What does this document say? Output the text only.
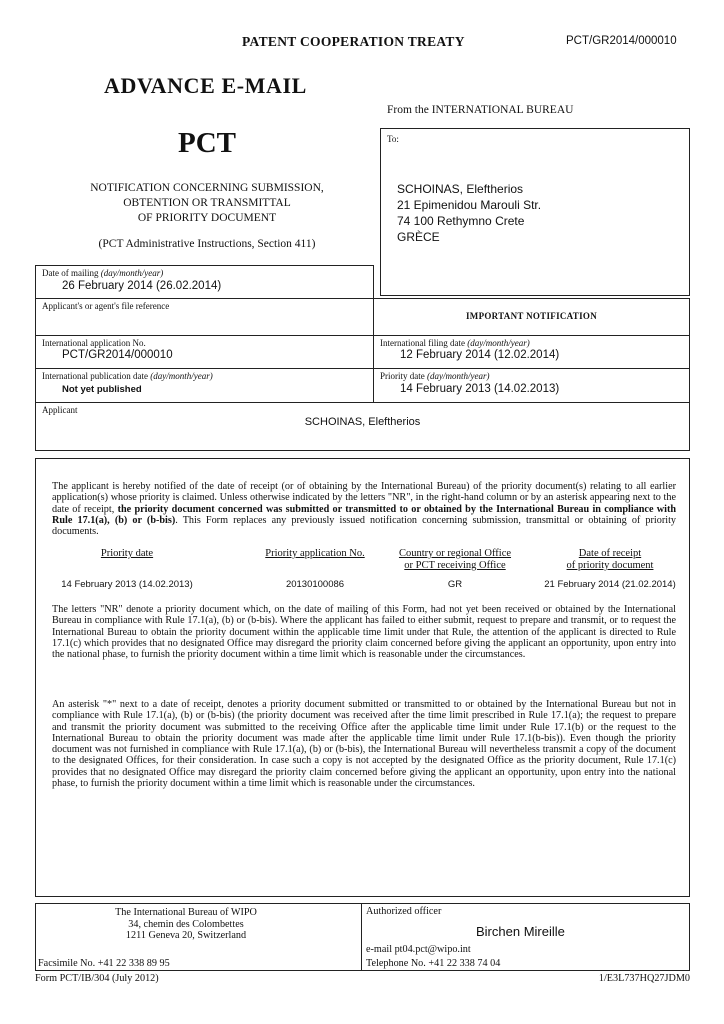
PATENT COOPERATION TREATY	PCT/GR2014/000010
ADVANCE E-MAIL
PCT
NOTIFICATION CONCERNING SUBMISSION,
OBTENTION OR TRANSMITTAL
OF PRIORITY DOCUMENT
(PCT Administrative Instructions, Section 411)
From the INTERNATIONAL BUREAU
To:
SCHOINAS, Eleftherios
21 Epimenidou Marouli Str.
74 100 Rethymno Crete
GRÈCE
Date of mailing (day/month/year)
26 February 2014 (26.02.2014)
Applicant's or agent's file reference
IMPORTANT NOTIFICATION
International application No.
PCT/GR2014/000010
International filing date (day/month/year)
12 February 2014 (12.02.2014)
International publication date (day/month/year)
Not yet published
Priority date (day/month/year)
14 February 2013 (14.02.2013)
Applicant
SCHOINAS, Eleftherios

The applicant is hereby notified of the date of receipt (or of obtaining by the International Bureau) of the priority document(s) relating to all earlier application(s) whose priority is claimed. Unless otherwise indicated by the letters "NR", in the right-hand column or by an asterisk appearing next to the date of receipt, the priority document concerned was submitted or transmitted to or obtained by the International Bureau in compliance with Rule 17.1(a), (b) or (b-bis). This Form replaces any previously issued notification concerning submission, transmittal or obtaining of priority documents.

Priority date	Priority application No.	Country or regional Office
or PCT receiving Office
Date of receipt
of priority document
14 February 2013 (14.02.2013)	20130100086	GR	21 February 2014 (21.02.2014)

The letters "NR" denote a priority document which, on the date of mailing of this Form, had not yet been received or obtained by the International Bureau in compliance with Rule 17.1(a), (b) or (b-bis). Where the applicant has failed to either submit, request to prepare and transmit, or to request the International Bureau to obtain the priority document within the applicable time limit under that Rule, the attention of the applicant is directed to Rule 17.1(c) which provides that no designated Office may disregard the priority claim concerned before giving the applicant an opportunity, upon entry into the national phase, to furnish the priority document within a time limit which is reasonable under the circumstances.

An asterisk "*" next to a date of receipt, denotes a priority document submitted or transmitted to or obtained by the International Bureau but not in compliance with Rule 17.1(a), (b) or (b-bis) (the priority document was received after the time limit prescribed in Rule 17.1(a); the request to prepare and transmit the priority document was submitted to the receiving Office after the applicable time limit under Rule 17.1(b) or the request to the International Bureau to obtain the priority document was made after the applicable time limit under Rule 17.1(b-bis)). Even though the priority document was not furnished in compliance with Rule 17.1(a), (b) or (b-bis), the International Bureau will nevertheless transmit a copy of the document to the designated Offices, for their consideration. In case such a copy is not accepted by the designated Office as the priority document, Rule 17.1(c) provides that no designated Office may disregard the priority claim concerned before giving the applicant an opportunity, upon entry into the national phase, to furnish the priority document within a time limit which is reasonable under the circumstances.

The International Bureau of WIPO
34, chemin des Colombettes
1211 Geneva 20, Switzerland
Facsimile No. +41 22 338 89 95
Authorized officer
Birchen Mireille
e-mail pt04.pct@wipo.int
Telephone No. +41 22 338 74 04
Form PCT/IB/304 (July 2012)	1/E3L737HQ27JDM0
